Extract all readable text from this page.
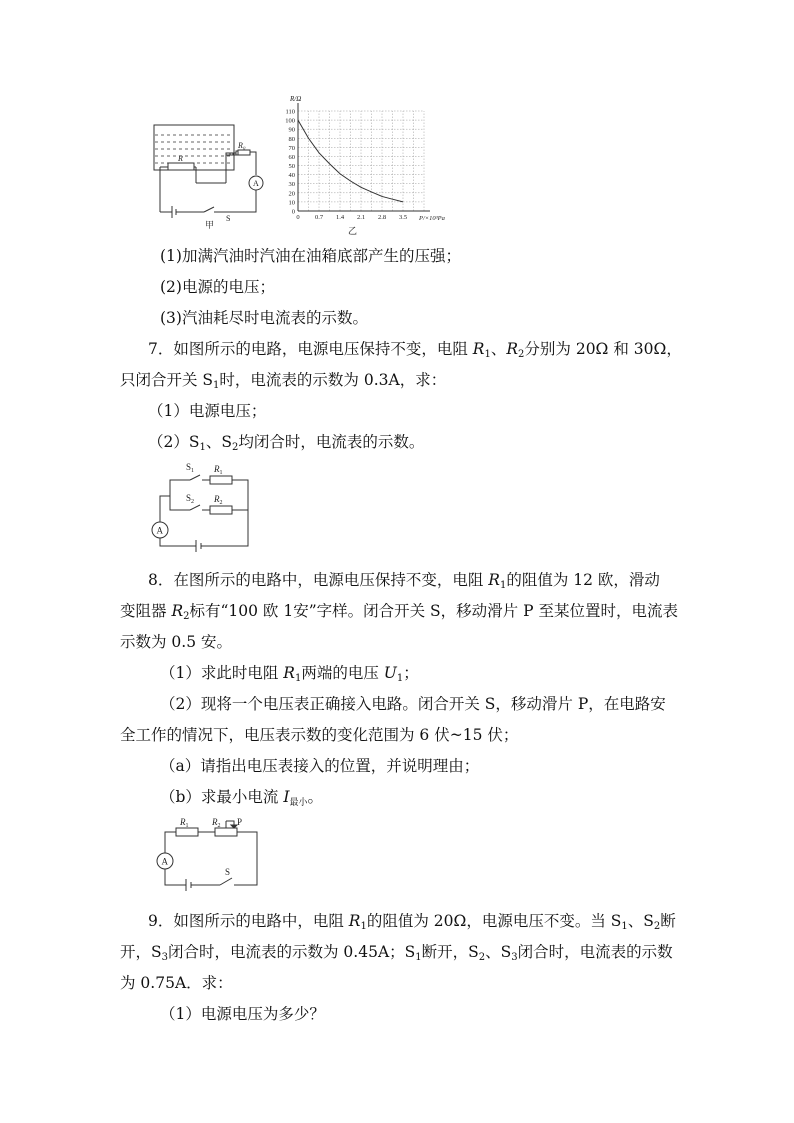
R
R₀
A
S
甲
0
10
20
30
40
50
60
70
80
90
100
110
0 0.7 1.4 2.1 2.8 3.5
R/Ω
P/×10³Pa
乙
(1)加满汽油时汽油在油箱底部产生的压强；
(2)电源的电压；
(3)汽油耗尽时电流表的示数。
7．如图所示的电路，电源电压保持不变，电阻 $R_1$、$R_2$分别为 20Ω 和 30Ω，
只闭合开关 $S_1$时，电流表的示数为 0.3A，求：
（1）电源电压；
$(2)S_1$、$S_2$均闭合时，电流表的示数。
$S_1$ $R_1$
$S_2$ $R_2$
A
8．在图所示的电路中，电源电压保持不变，电阻 $R_1$的阻值为 12 欧，滑动
变阻器 $R_2$标有“100 欧 1安”字样。闭合开关 S，移动滑片 P 至某位置时，电流表
示数为 0.5 安。
（1）求此时电阻 $R_1$两端的电压 $U_1$；
（2）现将一个电压表正确接入电路。闭合开关 S，移动滑片 P，在电路安
全工作的情况下，电压表示数的变化范围为 6 伏~15 伏；
（a）请指出电压表接入的位置，并说明理由；
（b）求最小电流 $I_{最小}$。
$R_1$	$R_2$ P
A
S
9．如图所示的电路中，电阻 $R_1$的阻值为 20Ω，电源电压不变。当 $S_1$、$S_2$断
开，$S_3$闭合时，电流表的示数为 0.45A；$S_1$断开，$S_2$、$S_3$闭合时，电流表的示数
为 0.75A．求：
（1）电源电压为多少？
